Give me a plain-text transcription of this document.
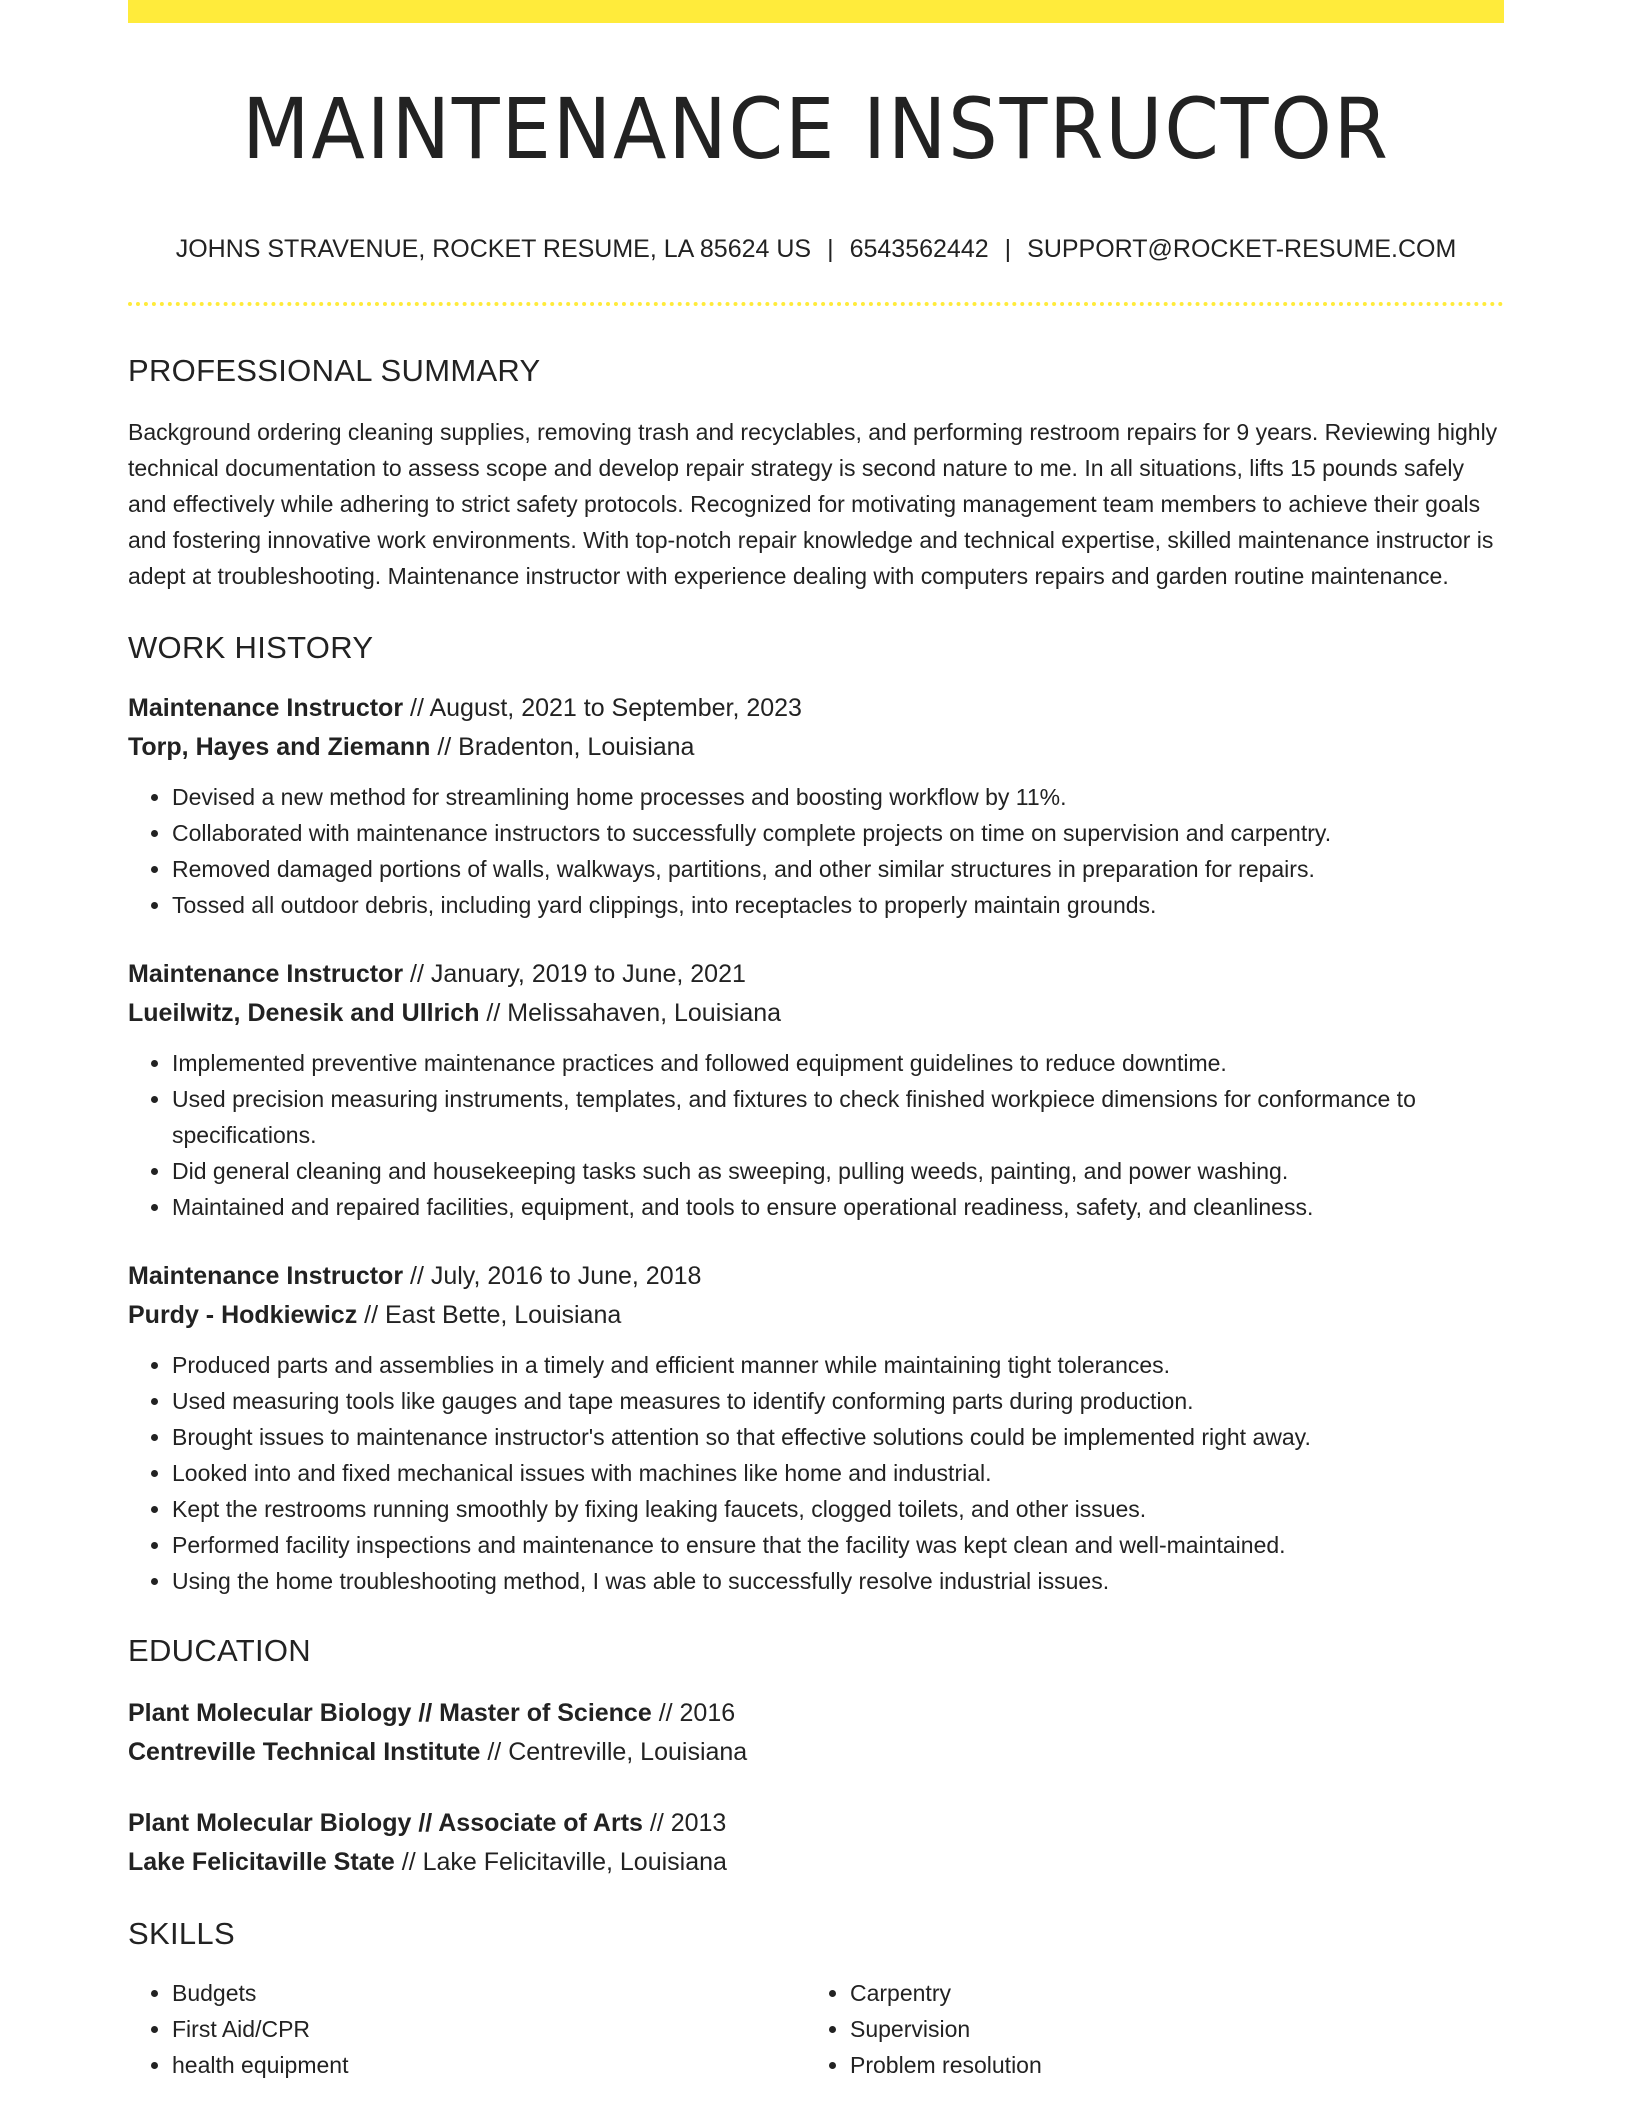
MAINTENANCE INSTRUCTOR
JOHNS STRAVENUE, ROCKET RESUME, LA 85624 US | 6543562442 | SUPPORT@ROCKET-RESUME.COM
PROFESSIONAL SUMMARY

Background ordering cleaning supplies, removing trash and recyclables, and performing restroom repairs for 9 years. Reviewing highly technical documentation to assess scope and develop repair strategy is second nature to me. In all situations, lifts 15 pounds safely and effectively while adhering to strict safety protocols. Recognized for motivating management team members to achieve their goals and fostering innovative work environments. With top-notch repair knowledge and technical expertise, skilled maintenance instructor is adept at troubleshooting. Maintenance instructor with experience dealing with computers repairs and garden routine maintenance.

WORK HISTORY
Maintenance Instructor // August, 2021 to September, 2023
Torp, Hayes and Ziemann // Bradenton, Louisiana
• Devised a new method for streamlining home processes and boosting workflow by 11%.
• Collaborated with maintenance instructors to successfully complete projects on time on supervision and carpentry.
• Removed damaged portions of walls, walkways, partitions, and other similar structures in preparation for repairs.
• Tossed all outdoor debris, including yard clippings, into receptacles to properly maintain grounds.
Maintenance Instructor // January, 2019 to June, 2021
Lueilwitz, Denesik and Ullrich // Melissahaven, Louisiana
• Implemented preventive maintenance practices and followed equipment guidelines to reduce downtime.
• Used precision measuring instruments, templates, and fixtures to check finished workpiece dimensions for conformance to specifications.
• Did general cleaning and housekeeping tasks such as sweeping, pulling weeds, painting, and power washing.
• Maintained and repaired facilities, equipment, and tools to ensure operational readiness, safety, and cleanliness.
Maintenance Instructor // July, 2016 to June, 2018
Purdy - Hodkiewicz // East Bette, Louisiana
• Produced parts and assemblies in a timely and efficient manner while maintaining tight tolerances.
• Used measuring tools like gauges and tape measures to identify conforming parts during production.
• Brought issues to maintenance instructor's attention so that effective solutions could be implemented right away.
• Looked into and fixed mechanical issues with machines like home and industrial.
• Kept the restrooms running smoothly by fixing leaking faucets, clogged toilets, and other issues.
• Performed facility inspections and maintenance to ensure that the facility was kept clean and well-maintained.
• Using the home troubleshooting method, I was able to successfully resolve industrial issues.
EDUCATION
Plant Molecular Biology // Master of Science // 2016
Centreville Technical Institute // Centreville, Louisiana
Plant Molecular Biology // Associate of Arts // 2013
Lake Felicitaville State // Lake Felicitaville, Louisiana
SKILLS
• Budgets
• First Aid/CPR
• health equipment
• Carpentry
• Supervision
• Problem resolution
